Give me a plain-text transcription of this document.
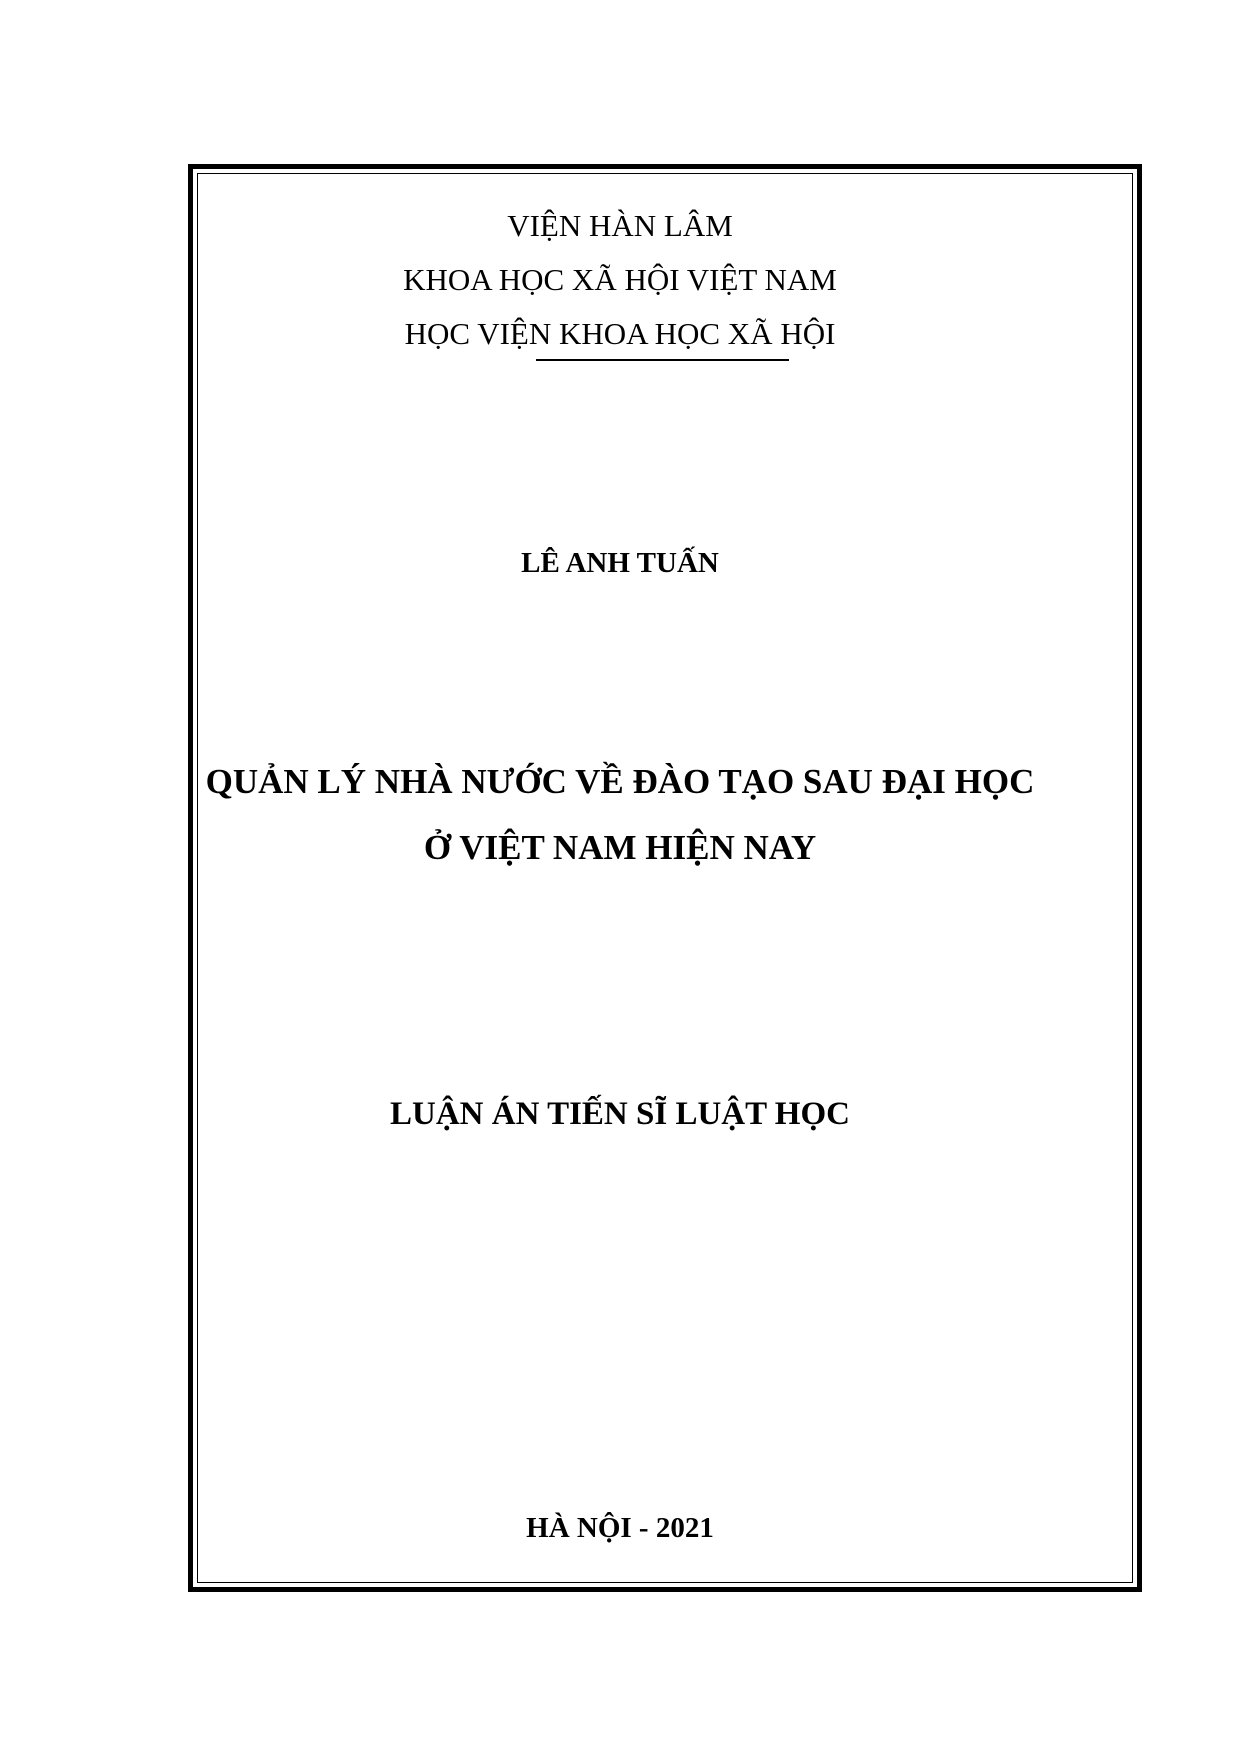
VIỆN HÀN LÂM
KHOA HỌC XÃ HỘI VIỆT NAM
HỌC VIỆN KHOA HỌC XÃ HỘI
LÊ ANH TUẤN
QUẢN LÝ NHÀ NƯỚC VỀ ĐÀO TẠO SAU ĐẠI HỌC
Ở VIỆT NAM HIỆN NAY
LUẬN ÁN TIẾN SĨ LUẬT HỌC
HÀ NỘI - 2021
